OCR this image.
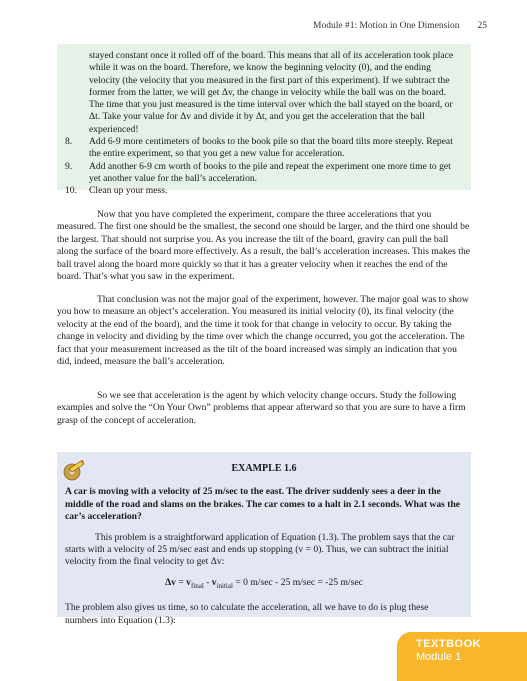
Module #1: Motion in One Dimension 25

stayed constant once it rolled off of the board. This means that all of its acceleration took place while it was on the board. Therefore, we know the beginning velocity (0), and the ending velocity (the velocity that you measured in the first part of this experiment). If we subtract the former from the latter, we will get Δv, the change in velocity while the ball was on the board. The time that you just measured is the time interval over which the ball stayed on the board, or Δt. Take your value for Δv and divide it by Δt, and you get the acceleration that the ball experienced!

8.	Add 6-9 more centimeters of books to the book pile so that the board tilts more steeply. Repeat the entire experiment, so that you get a new value for acceleration.
9.	Add another 6-9 cm worth of books to the pile and repeat the experiment one more time to get yet another value for the ball’s acceleration.
10.	Clean up your mess.

Now that you have completed the experiment, compare the three accelerations that you measured. The first one should be the smallest, the second one should be larger, and the third one should be the largest. That should not surprise you. As you increase the tilt of the board, gravity can pull the ball along the surface of the board more effectively. As a result, the ball’s acceleration increases. This makes the ball travel along the board more quickly so that it has a greater velocity when it reaches the end of the board. That’s what you saw in the experiment.

That conclusion was not the major goal of the experiment, however. The major goal was to show you how to measure an object’s acceleration. You measured its initial velocity (0), its final velocity (the velocity at the end of the board), and the time it took for that change in velocity to occur. By taking the change in velocity and dividing by the time over which the change occurred, you got the acceleration. The fact that your measurement increased as the tilt of the board increased was simply an indication that you did, indeed, measure the ball’s acceleration.

So we see that acceleration is the agent by which velocity change occurs. Study the following examples and solve the “On Your Own” problems that appear afterward so that you are sure to have a firm grasp of the concept of acceleration.

EXAMPLE 1.6
A car is moving with a velocity of 25 m/sec to the east. The driver suddenly sees a deer in the middle of the road and slams on the brakes. The car comes to a halt in 2.1 seconds. What was the car’s acceleration?

This problem is a straightforward application of Equation (1.3). The problem says that the car starts with a velocity of 25 m/sec east and ends up stopping (v = 0). Thus, we can subtract the initial velocity from the final velocity to get Δv:

$\Delta v = v_{final} - v_{initial} = 0$ m/sec - 25 m/sec = -25 m/sec

The problem also gives us time, so to calculate the acceleration, all we have to do is plug these numbers into Equation (1.3):

TEXTBOOK
Module 1
